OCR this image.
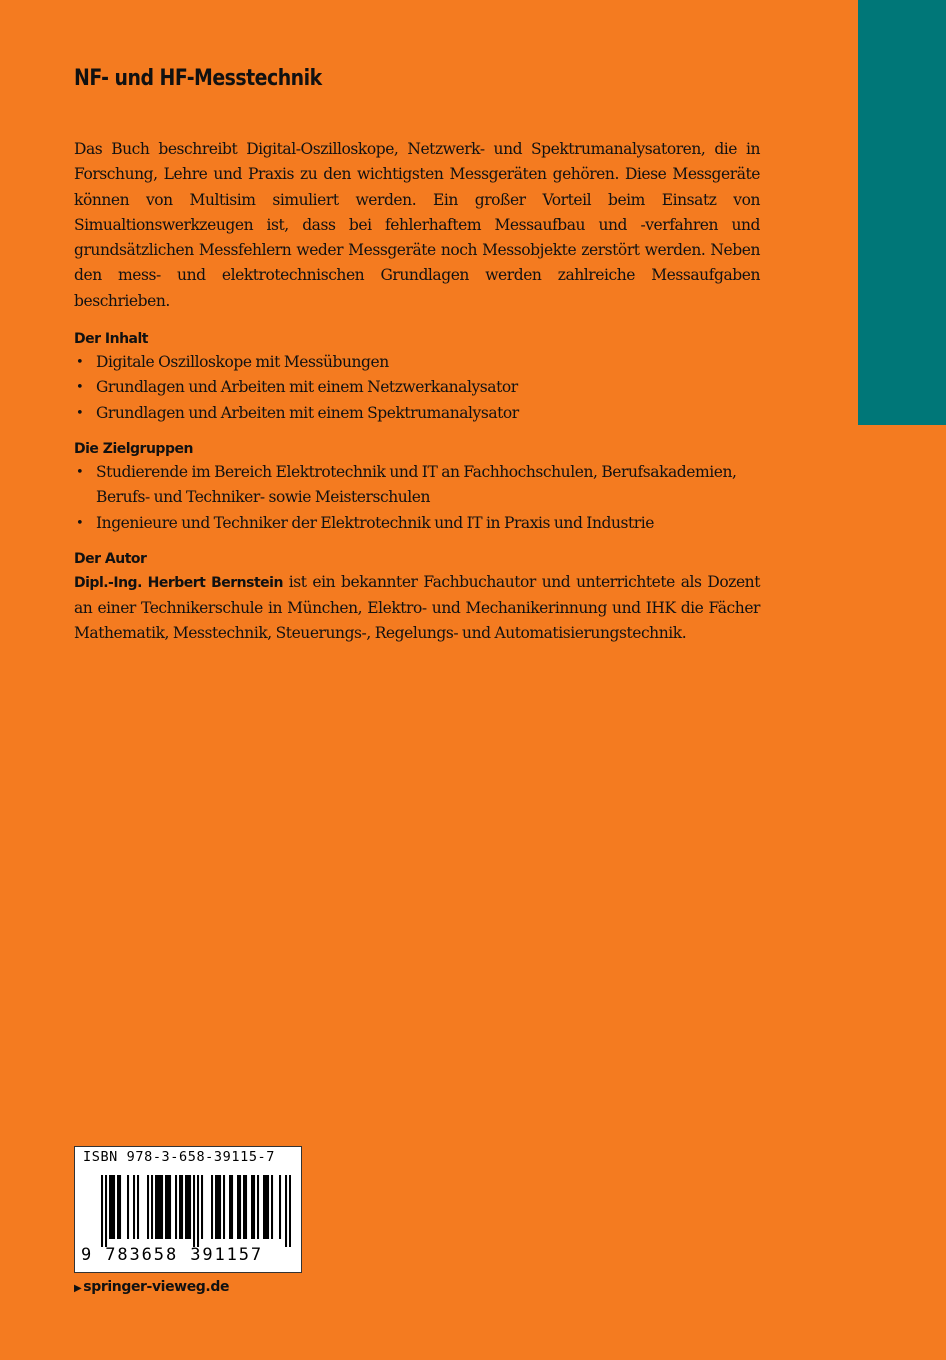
NF- und HF-Messtechnik

Das Buch beschreibt Digital-Oszilloskope, Netzwerk- und Spektrumanalysatoren, die in Forschung, Lehre und Praxis zu den wichtigsten Messgeräten gehören. Diese Messgeräte können von Multisim simuliert werden. Ein großer Vorteil beim Einsatz von Simualtionswerkzeugen ist, dass bei fehlerhaftem Messaufbau und -verfahren und grundsätzlichen Messfehlern weder Messgeräte noch Messobjekte zerstört werden. Neben den mess- und elektrotechnischen Grundlagen werden zahlreiche Messaufgaben beschrieben.

Der Inhalt
• Digitale Oszilloskope mit Messübungen
• Grundlagen und Arbeiten mit einem Netzwerkanalysator
• Grundlagen und Arbeiten mit einem Spektrumanalysator
Die Zielgruppen
• Studierende im Bereich Elektrotechnik und IT an Fachhochschulen, Berufsakademien, Berufs- und Techniker- sowie Meisterschulen
• Ingenieure und Techniker der Elektrotechnik und IT in Praxis und Industrie
Der Autor

Dipl.-Ing. Herbert Bernstein ist ein bekannter Fachbuchautor und unterrichtete als Dozent an einer Technikerschule in München, Elektro- und Mechanikerinnung und IHK die Fächer Mathematik, Messtechnik, Steuerungs-, Regelungs- und Automatisierungstechnik.

ISBN 978-3-658-39115-7
9 783658 391157
▶ springer-vieweg.de
